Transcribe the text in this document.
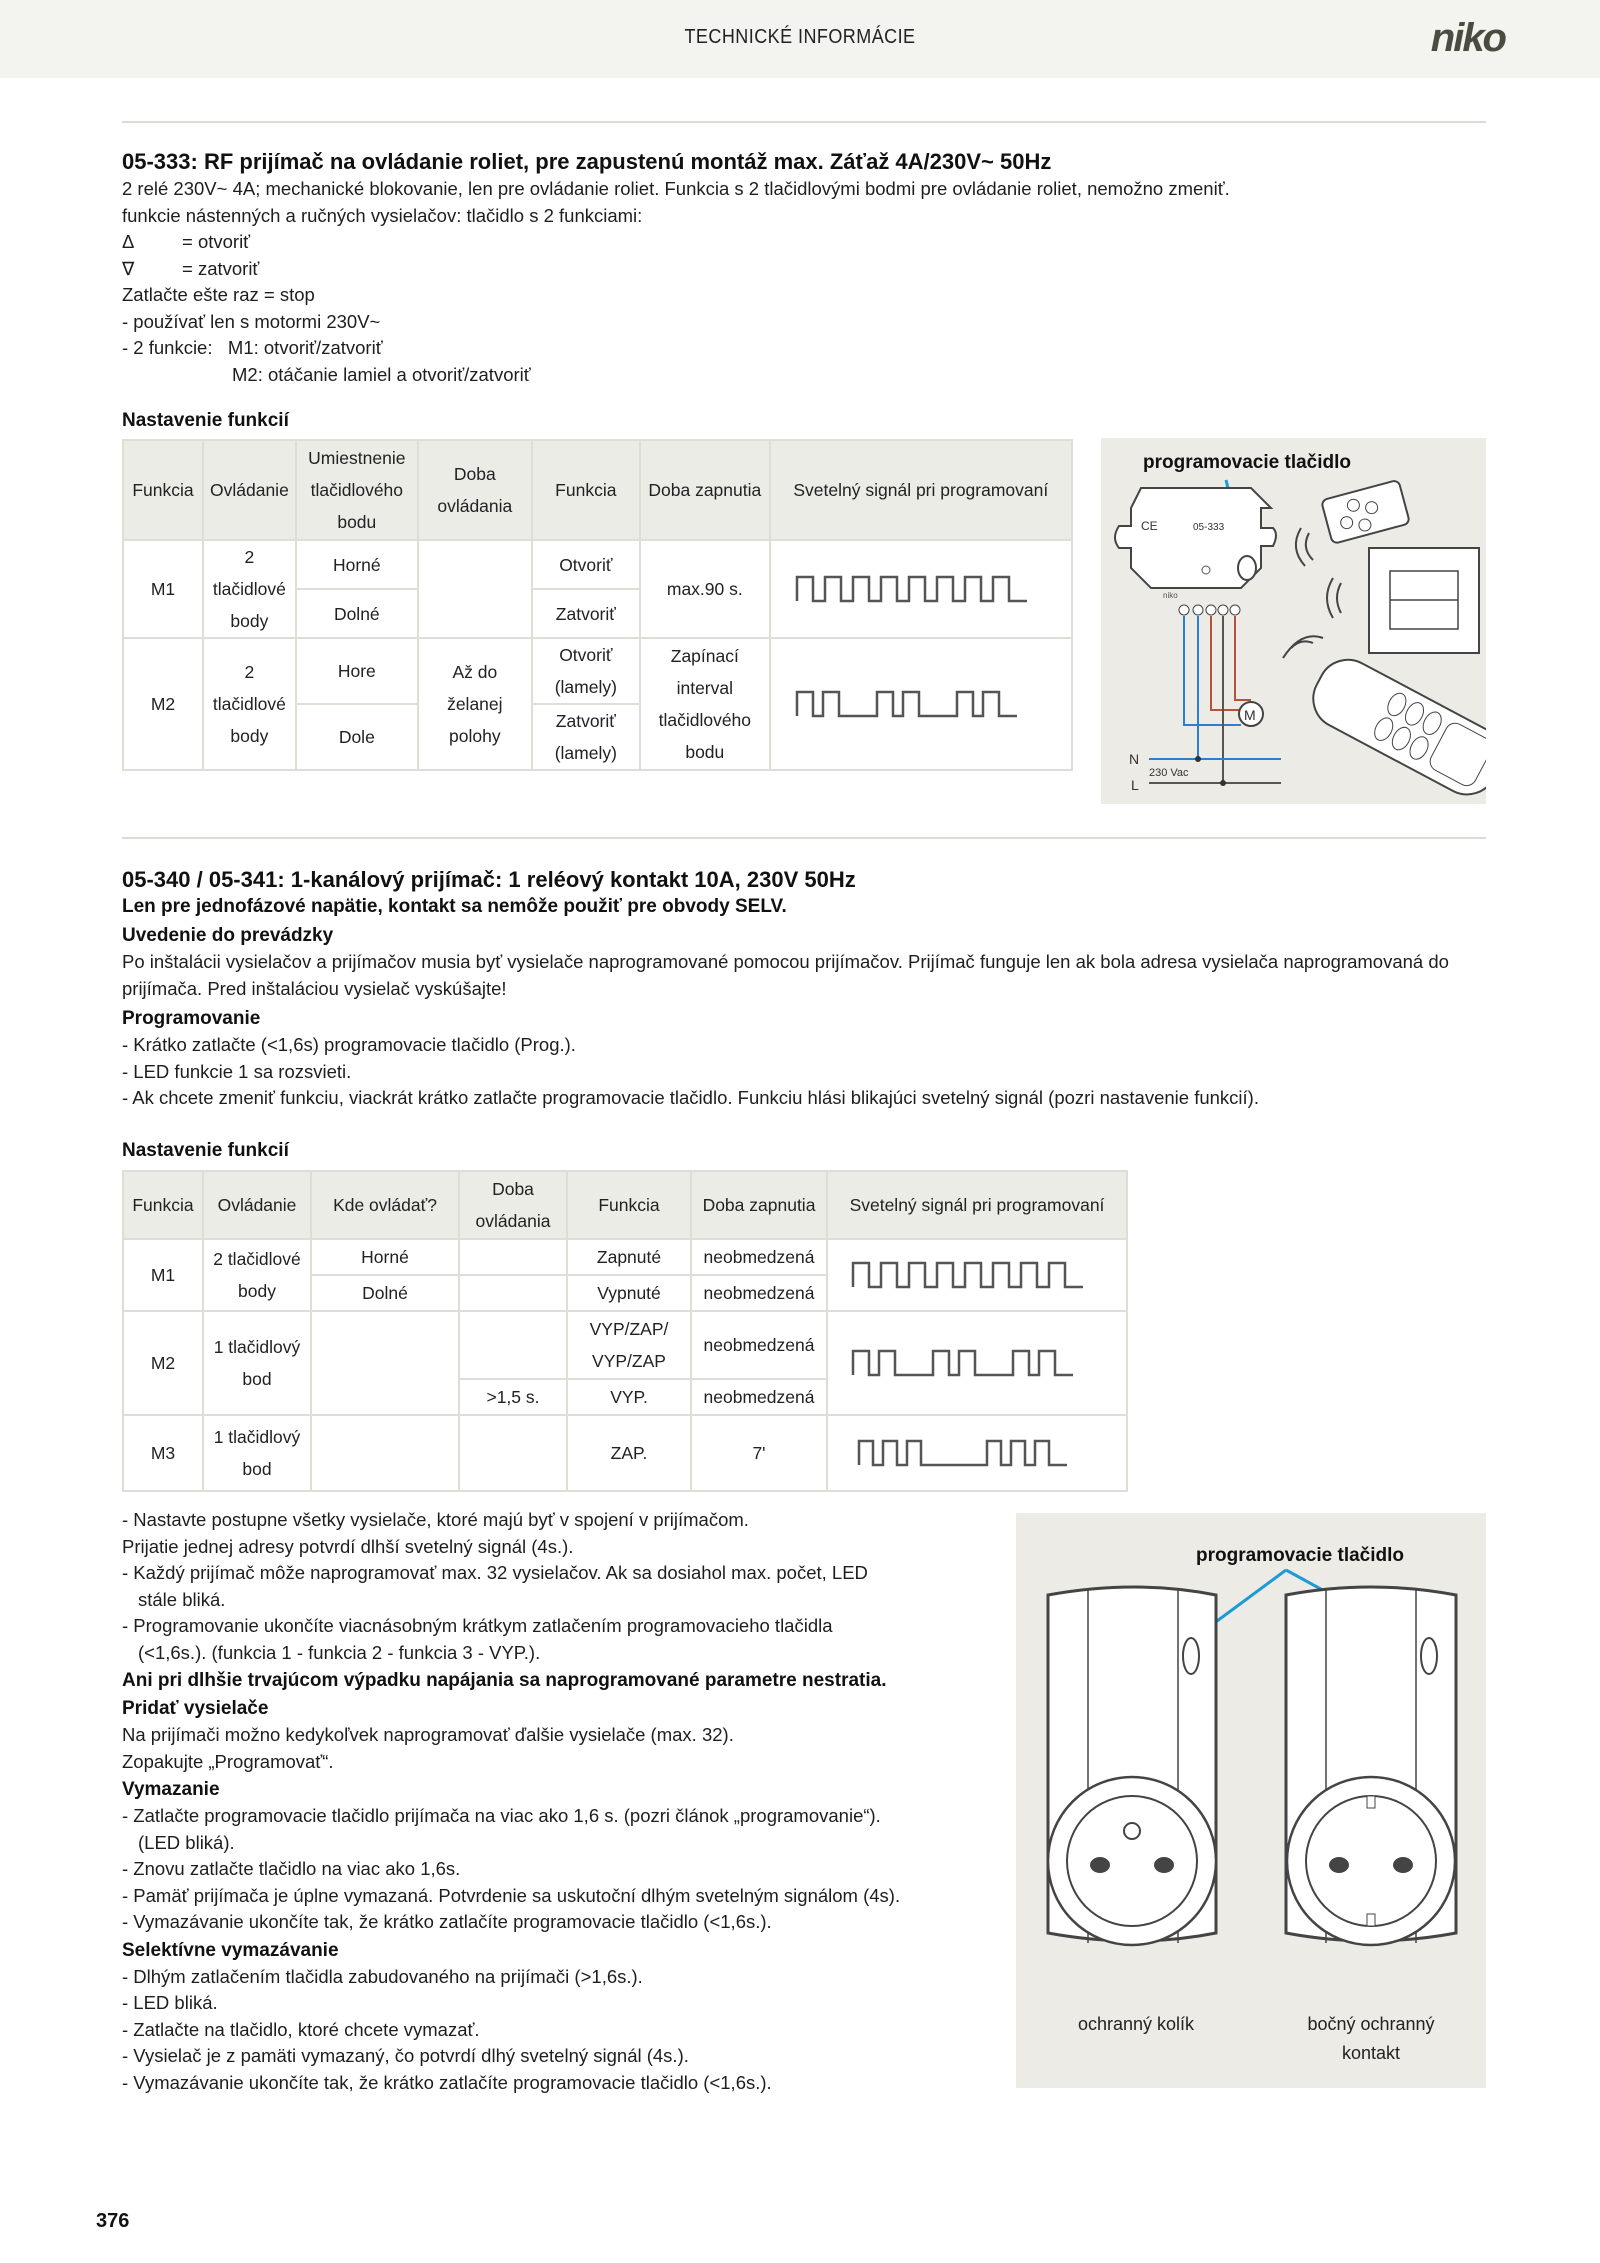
TECHNICKÉ INFORMÁCIE	niko
05-333: RF prijímač na ovládanie roliet, pre zapustenú montáž max. Záťaž 4A/230V~ 50Hz
2 relé 230V~ 4A; mechanické blokovanie, len pre ovládanie roliet. Funkcia s 2 tlačidlovými bodmi pre ovládanie roliet, nemožno zmeniť.
funkcie nástenných a ručných vysielačov: tlačidlo s 2 funkciami:
Δ	= otvoriť
∇	= zatvoriť
Zatlačte ešte raz = stop
- používať len s motormi 230V~
- 2 funkcie:   M1: otvoriť/zatvoriť
M2: otáčanie lamiel a otvoriť/zatvoriť
Nastavenie funkcií
Funkcia	Ovládanie	Umiestnenie tlačidlového bodu	Doba ovládania	Funkcia	Doba zapnutia	Svetelný signál pri programovaní
M1	2 tlačidlové body	Horné		Otvoriť	max.90 s.	

		Dolné		Zatvoriť		
M2	2 tlačidlové body	Hore	Až do želanej polohy	Otvoriť (lamely)	Zapínací interval tlačidlového bodu	

		Dole		Zatvoriť (lamely)		
programovacie tlačidlo
CE	05-333
niko
M
N
L
230 Vac
05-340 / 05-341: 1-kanálový prijímač: 1 reléový kontakt 10A, 230V 50Hz
Len pre jednofázové napätie, kontakt sa nemôže použiť pre obvody SELV.
Uvedenie do prevádzky
Po inštalácii vysielačov a prijímačov musia byť vysielače naprogramované pomocou prijímačov. Prijímač funguje len ak bola adresa vysielača naprogramovaná do prijímača. Pred inštaláciou vysielač vyskúšajte!
Programovanie
- Krátko zatlačte (<1,6s) programovacie tlačidlo (Prog.).
- LED funkcie 1 sa rozsvieti.
- Ak chcete zmeniť funkciu, viackrát krátko zatlačte programovacie tlačidlo. Funkciu hlási blikajúci svetelný signál (pozri nastavenie funkcií).
Nastavenie funkcií
Funkcia	Ovládanie	Kde ovládať?	Doba ovládania	Funkcia	Doba zapnutia	Svetelný signál pri programovaní
M1	2 tlačidlové body	Horné		Zapnuté	neobmedzená	

		Dolné		Vypnuté	neobmedzená	
M2	1 tlačidlový bod			VYP/ZAP/ VYP/ZAP	neobmedzená	

			>1,5 s.	VYP.	neobmedzená	
M3	1 tlačidlový bod			ZAP.	7'	
- Nastavte postupne všetky vysielače, ktoré majú byť v spojení v prijímačom.
Prijatie jednej adresy potvrdí dlhší svetelný signál (4s.).
- Každý prijímač môže naprogramovať max. 32 vysielačov. Ak sa dosiahol max. počet, LED
stále bliká.
- Programovanie ukončíte viacnásobným krátkym zatlačením programovacieho tlačidla
(<1,6s.). (funkcia 1 - funkcia 2 - funkcia 3 - VYP.).
Ani pri dlhšie trvajúcom výpadku napájania sa naprogramované parametre nestratia.
Pridať vysielače
Na prijímači možno kedykoľvek naprogramovať ďalšie vysielače (max. 32).
Zopakujte „Programovať“.
Vymazanie
- Zatlačte programovacie tlačidlo prijímača na viac ako 1,6 s. (pozri článok „programovanie“).
(LED bliká).
- Znovu zatlačte tlačidlo na viac ako 1,6s.
- Pamäť prijímača je úplne vymazaná. Potvrdenie sa uskutoční dlhým svetelným signálom (4s).
- Vymazávanie ukončíte tak, že krátko zatlačíte programovacie tlačidlo (<1,6s.).
Selektívne vymazávanie
- Dlhým zatlačením tlačidla zabudovaného na prijímači (>1,6s.).
- LED bliká.
- Zatlačte na tlačidlo, ktoré chcete vymazať.
- Vysielač je z pamäti vymazaný, čo potvrdí dlhý svetelný signál (4s.).
- Vymazávanie ukončíte tak, že krátko zatlačíte programovacie tlačidlo (<1,6s.).
programovacie tlačidlo
ochranný kolík	bočný ochranný
kontakt
376
